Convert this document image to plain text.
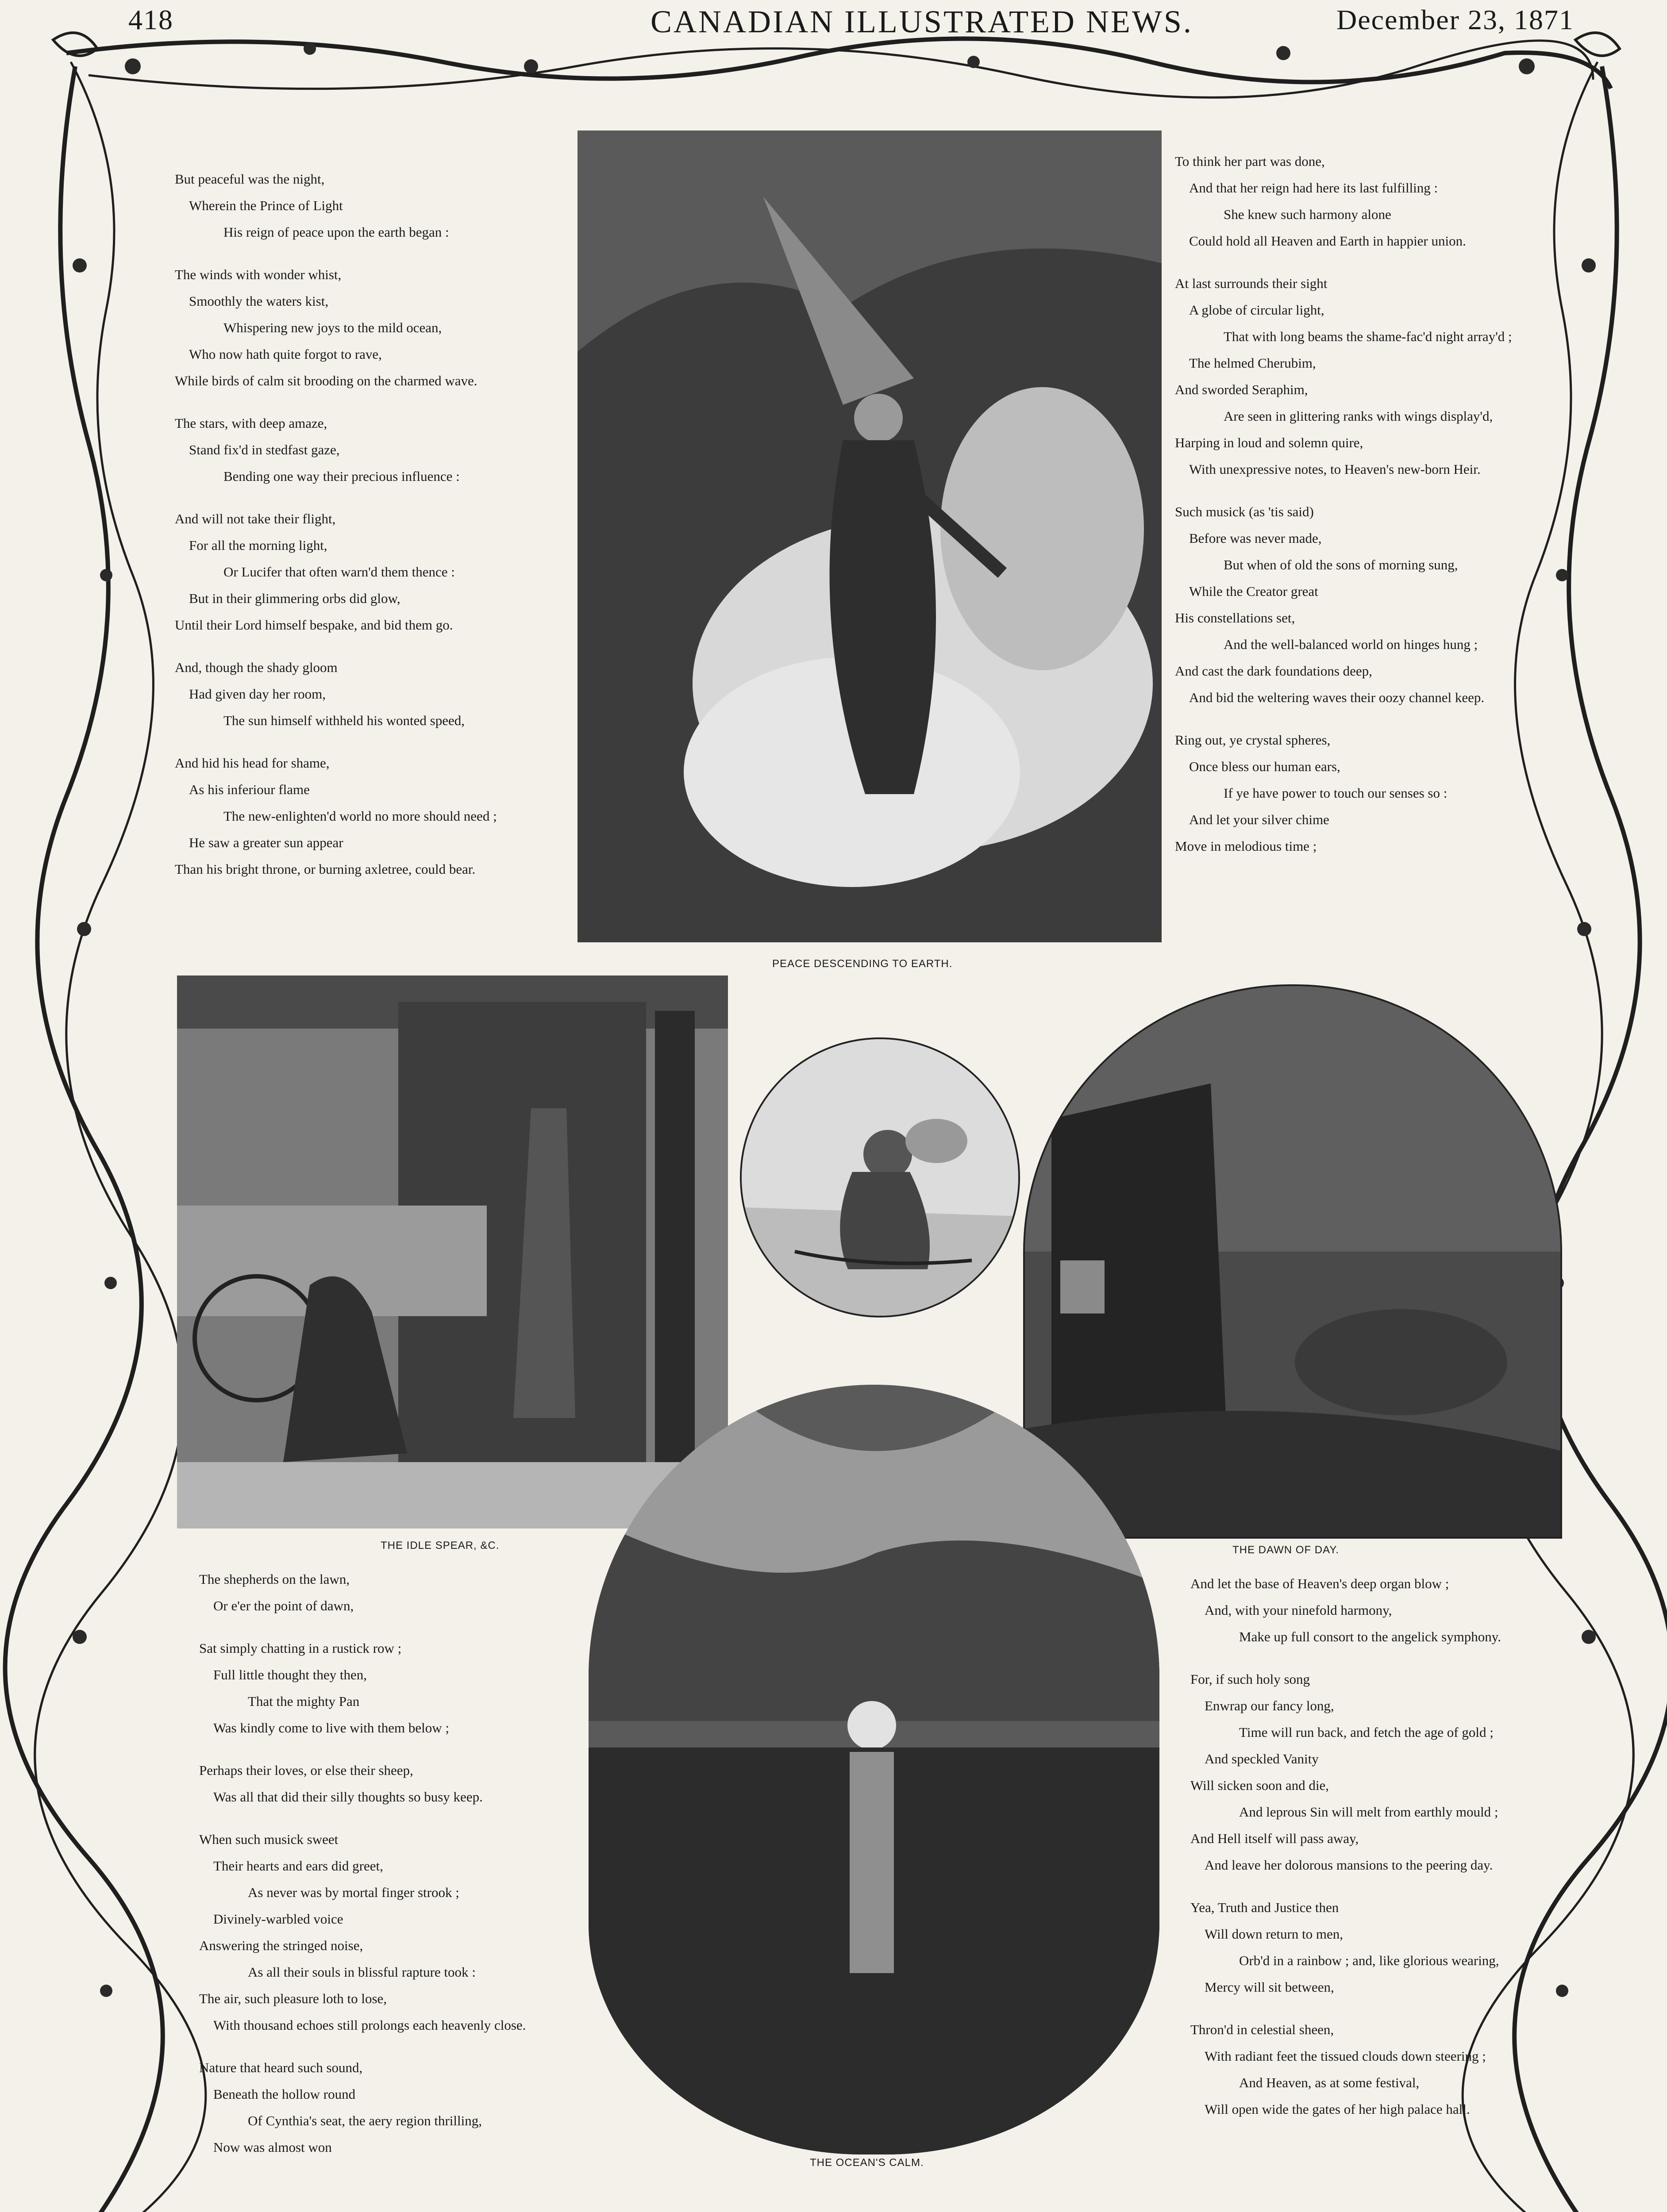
418	CANADIAN ILLUSTRATED NEWS.	December 23, 1871

But peaceful was the night,

Wherein the Prince of Light

His reign of peace upon the earth began :

The winds with wonder whist,

Smoothly the waters kist,

Whispering new joys to the mild ocean,

Who now hath quite forgot to rave,

While birds of calm sit brooding on the charmed wave.

The stars, with deep amaze,

Stand fix'd in stedfast gaze,

Bending one way their precious influence :

And will not take their flight,

For all the morning light,

Or Lucifer that often warn'd them thence :

But in their glimmering orbs did glow,

Until their Lord himself bespake, and bid them go.

And, though the shady gloom

Had given day her room,

The sun himself withheld his wonted speed,

And hid his head for shame,

As his inferiour flame

The new-enlighten'd world no more should need ;

He saw a greater sun appear

Than his bright throne, or burning axletree, could bear.

To think her part was done,

And that her reign had here its last fulfilling :

She knew such harmony alone

Could hold all Heaven and Earth in happier union.

At last surrounds their sight

A globe of circular light,

That with long beams the shame-fac'd night array'd ;

The helmed Cherubim,

And sworded Seraphim,

Are seen in glittering ranks with wings display'd,

Harping in loud and solemn quire,

With unexpressive notes, to Heaven's new-born Heir.

Such musick (as 'tis said)

Before was never made,

But when of old the sons of morning sung,

While the Creator great

His constellations set,

And the well-balanced world on hinges hung ;

And cast the dark foundations deep,

And bid the weltering waves their oozy channel keep.

Ring out, ye crystal spheres,

Once bless our human ears,

If ye have power to touch our senses so :

And let your silver chime

Move in melodious time ;

The shepherds on the lawn,

Or e'er the point of dawn,

Sat simply chatting in a rustick row ;

Full little thought they then,

That the mighty Pan

Was kindly come to live with them below ;

Perhaps their loves, or else their sheep,

Was all that did their silly thoughts so busy keep.

When such musick sweet

Their hearts and ears did greet,

As never was by mortal finger strook ;

Divinely-warbled voice

Answering the stringed noise,

As all their souls in blissful rapture took :

The air, such pleasure loth to lose,

With thousand echoes still prolongs each heavenly close.

Nature that heard such sound,

Beneath the hollow round

Of Cynthia's seat, the aery region thrilling,

Now was almost won

And let the base of Heaven's deep organ blow ;

And, with your ninefold harmony,

Make up full consort to the angelick symphony.

For, if such holy song

Enwrap our fancy long,

Time will run back, and fetch the age of gold ;

And speckled Vanity

Will sicken soon and die,

And leprous Sin will melt from earthly mould ;

And Hell itself will pass away,

And leave her dolorous mansions to the peering day.

Yea, Truth and Justice then

Will down return to men,

Orb'd in a rainbow ; and, like glorious wearing,

Mercy will sit between,

Thron'd in celestial sheen,

With radiant feet the tissued clouds down steering ;

And Heaven, as at some festival,

Will open wide the gates of her high palace hall.

PEACE DESCENDING TO EARTH.
THE IDLE SPEAR, &C.	THE DAWN OF DAY.
THE OCEAN'S CALM.
